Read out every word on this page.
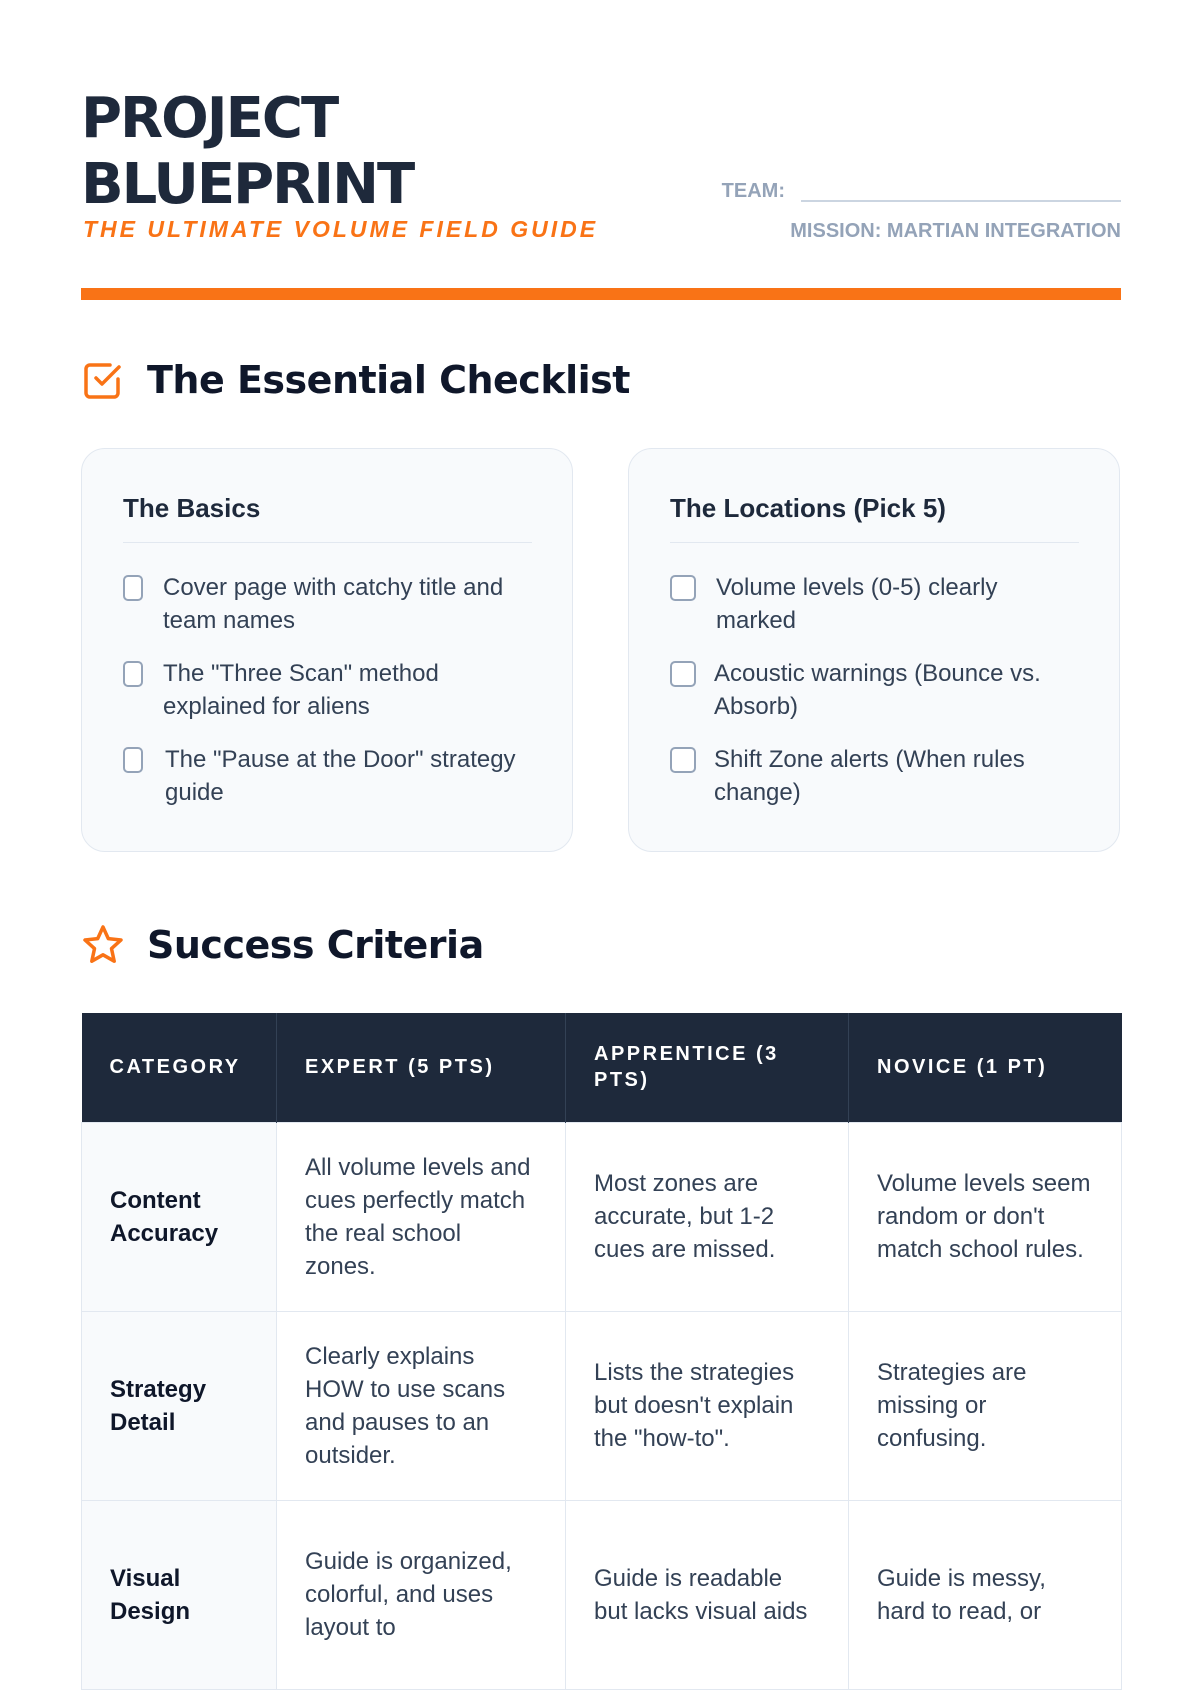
PROJECT
BLUEPRINT
THE ULTIMATE VOLUME FIELD GUIDE
TEAM:
MISSION: MARTIAN INTEGRATION
The Essential Checklist
The Basics
Cover page with catchy title and team names
The "Three Scan" method explained for aliens
The "Pause at the Door" strategy guide
The Locations (Pick 5)
Volume levels (0-5) clearly marked
Acoustic warnings (Bounce vs. Absorb)
Shift Zone alerts (When rules change)
Success Criteria
CATEGORY	EXPERT (5 PTS)	APPRENTICE (3 PTS)	NOVICE (1 PT)
Content Accuracy	All volume levels and cues perfectly match the real school zones.	Most zones are accurate, but 1-2 cues are missed.	Volume levels seem random or don't match school rules.
Strategy Detail	Clearly explains HOW to use scans and pauses to an outsider.	Lists the strategies but doesn't explain the "how-to".	Strategies are missing or confusing.
Visual Design	Guide is organized, colorful, and uses layout to	Guide is readable but lacks visual aids	Guide is messy, hard to read, or
